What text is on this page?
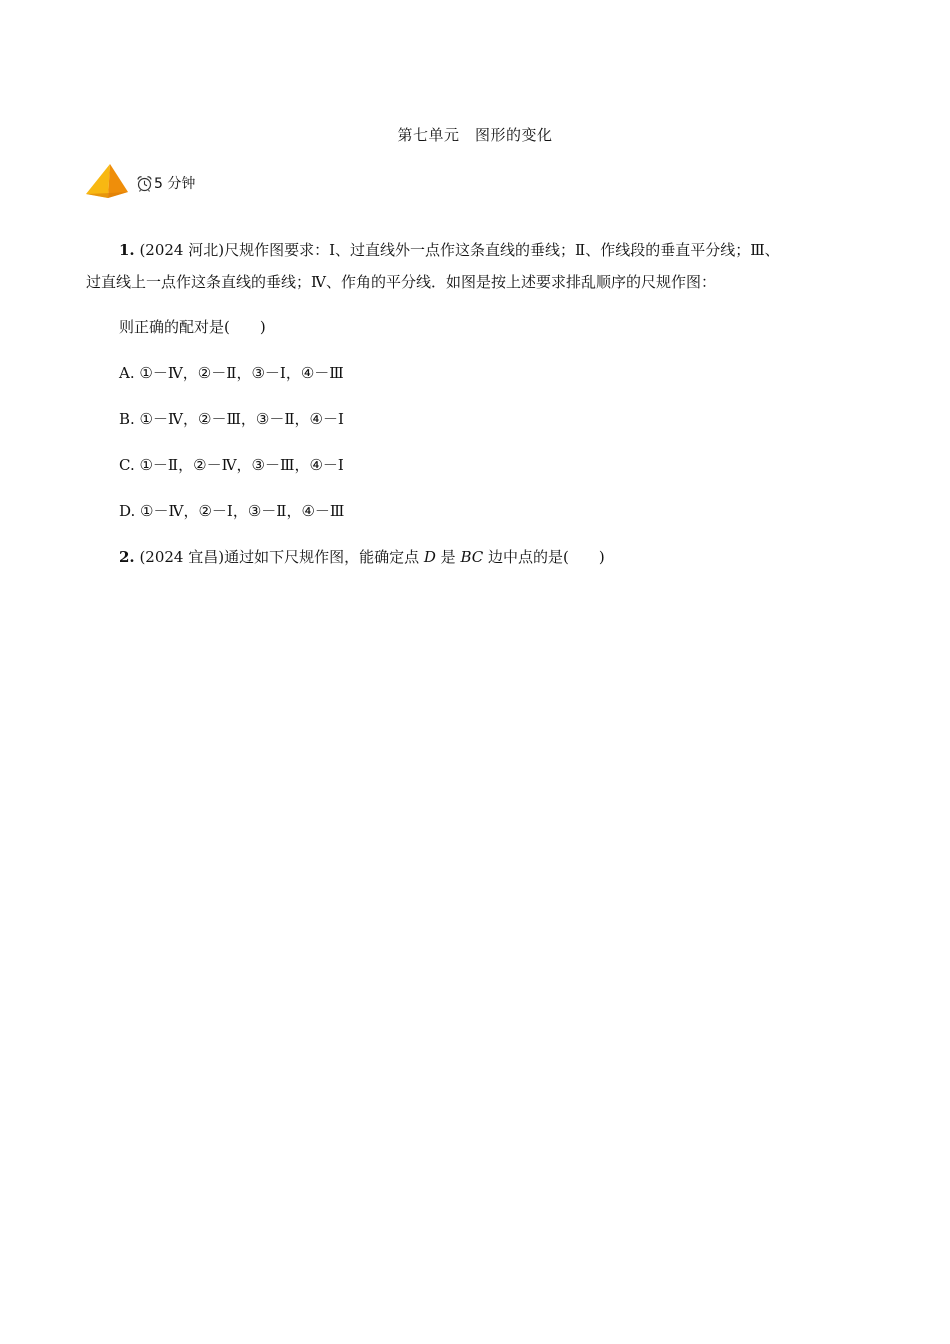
第七单元　图形的变化
5 分钟
1. (2024 河北)尺规作图要求：Ⅰ、过直线外一点作这条直线的垂线；Ⅱ、作线段的垂直平分线；Ⅲ、
过直线上一点作这条直线的垂线；Ⅳ、作角的平分线．如图是按上述要求排乱顺序的尺规作图：
则正确的配对是( )
A. ①－Ⅳ，②－Ⅱ，③－Ⅰ，④－Ⅲ
B. ①－Ⅳ，②－Ⅲ，③－Ⅱ，④－Ⅰ
C. ①－Ⅱ，②－Ⅳ，③－Ⅲ，④－Ⅰ
D. ①－Ⅳ，②－Ⅰ，③－Ⅱ，④－Ⅲ
2. (2024 宜昌)通过如下尺规作图，能确定点 D 是 BC 边中点的是( )
